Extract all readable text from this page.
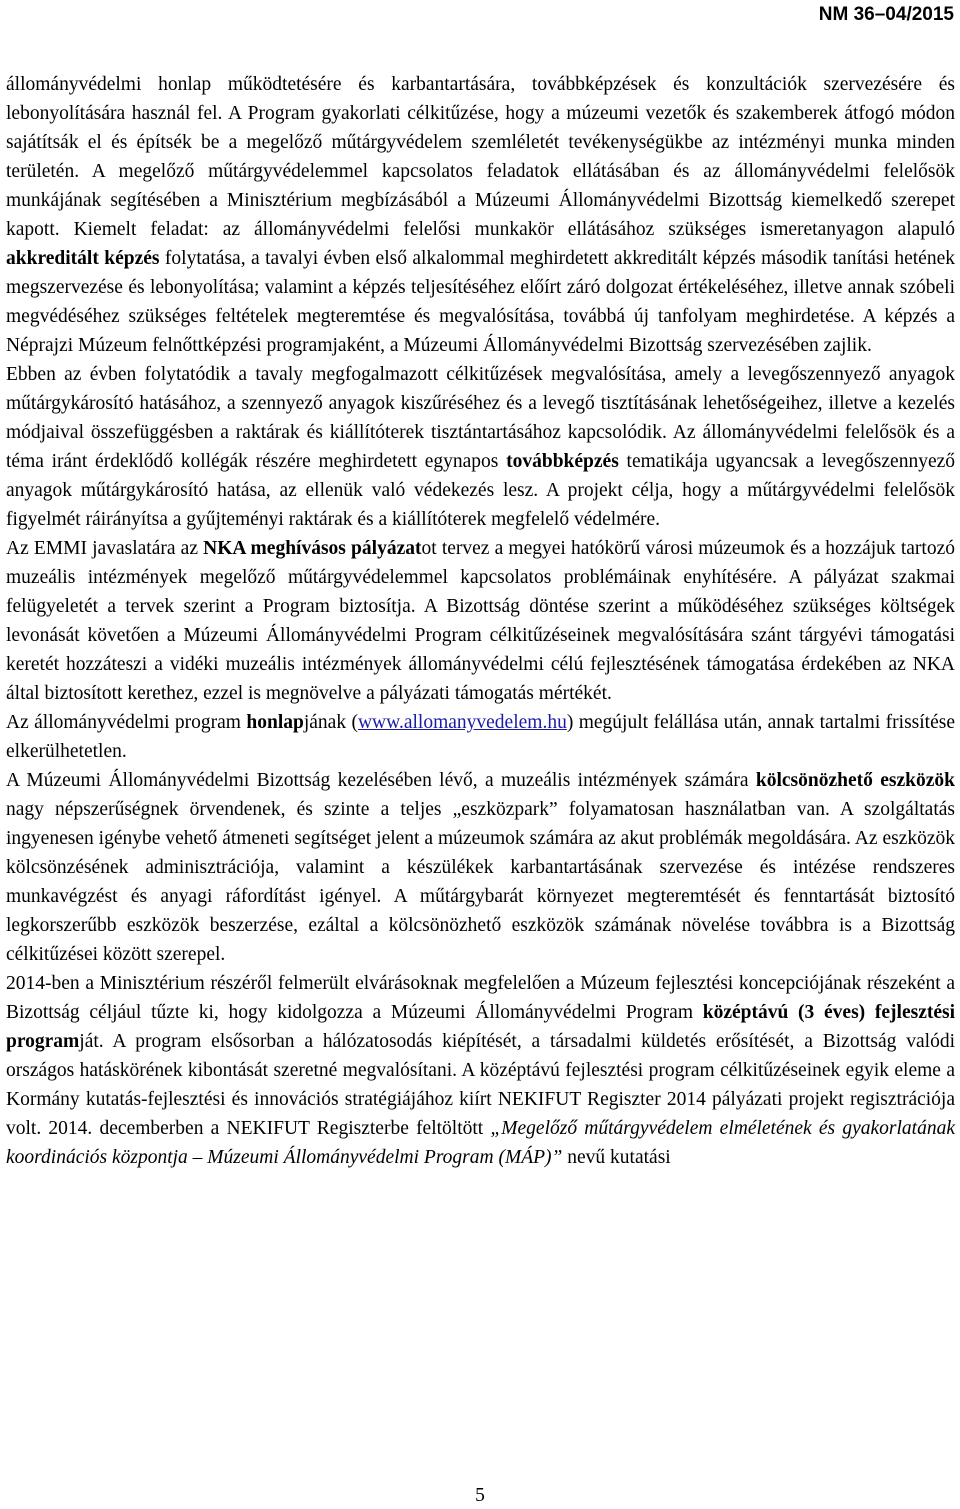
NM 36–04/2015

állományvédelmi honlap működtetésére és karbantartására, továbbképzések és konzultációk szervezésére és lebonyolítására használ fel. A Program gyakorlati célkitűzése, hogy a múzeumi vezetők és szakemberek átfogó módon sajátítsák el és építsék be a megelőző műtárgyvédelem szemléletét tevékenységükbe az intézményi munka minden területén. A megelőző műtárgyvédelemmel kapcsolatos feladatok ellátásában és az állományvédelmi felelősök munkájának segítésében a Minisztérium megbízásából a Múzeumi Állományvédelmi Bizottság kiemelkedő szerepet kapott. Kiemelt feladat: az állományvédelmi felelősi munkakör ellátásához szükséges ismeretanyagon alapuló akkreditált képzés folytatása, a tavalyi évben első alkalommal meghirdetett akkreditált képzés második tanítási hetének megszervezése és lebonyolítása; valamint a képzés teljesítéséhez előírt záró dolgozat értékeléséhez, illetve annak szóbeli megvédéséhez szükséges feltételek megteremtése és megvalósítása, továbbá új tanfolyam meghirdetése. A képzés a Néprajzi Múzeum felnőttképzési programjaként, a Múzeumi Állományvédelmi Bizottság szervezésében zajlik.

Ebben az évben folytatódik a tavaly megfogalmazott célkitűzések megvalósítása, amely a levegőszennyező anyagok műtárgykárosító hatásához, a szennyező anyagok kiszűréséhez és a levegő tisztításának lehetőségeihez, illetve a kezelés módjaival összefüggésben a raktárak és kiállítóterek tisztántartásához kapcsolódik. Az állományvédelmi felelősök és a téma iránt érdeklődő kollégák részére meghirdetett egynapos továbbképzés tematikája ugyancsak a levegőszennyező anyagok műtárgykárosító hatása, az ellenük való védekezés lesz. A projekt célja, hogy a műtárgyvédelmi felelősök figyelmét ráirányítsa a gyűjteményi raktárak és a kiállítóterek megfelelő védelmére.

Az EMMI javaslatára az NKA meghívásos pályázatot tervez a megyei hatókörű városi múzeumok és a hozzájuk tartozó muzeális intézmények megelőző műtárgyvédelemmel kapcsolatos problémáinak enyhítésére. A pályázat szakmai felügyeletét a tervek szerint a Program biztosítja. A Bizottság döntése szerint a működéséhez szükséges költségek levonását követően a Múzeumi Állományvédelmi Program célkitűzéseinek megvalósítására szánt tárgyévi támogatási keretét hozzáteszi a vidéki muzeális intézmények állományvédelmi célú fejlesztésének támogatása érdekében az NKA által biztosított kerethez, ezzel is megnövelve a pályázati támogatás mértékét.

Az állományvédelmi program honlapjának (www.allomanyvedelem.hu) megújult felállása után, annak tartalmi frissítése elkerülhetetlen.

A Múzeumi Állományvédelmi Bizottság kezelésében lévő, a muzeális intézmények számára kölcsönözhető eszközök nagy népszerűségnek örvendenek, és szinte a teljes „eszközpark” folyamatosan használatban van. A szolgáltatás ingyenesen igénybe vehető átmeneti segítséget jelent a múzeumok számára az akut problémák megoldására. Az eszközök kölcsönzésének adminisztrációja, valamint a készülékek karbantartásának szervezése és intézése rendszeres munkavégzést és anyagi ráfordítást igényel. A műtárgybarát környezet megteremtését és fenntartását biztosító legkorszerűbb eszközök beszerzése, ezáltal a kölcsönözhető eszközök számának növelése továbbra is a Bizottság célkitűzései között szerepel.

2014-ben a Minisztérium részéről felmerült elvárásoknak megfelelően a Múzeum fejlesztési koncepciójának részeként a Bizottság céljául tűzte ki, hogy kidolgozza a Múzeumi Állományvédelmi Program középtávú (3 éves) fejlesztési programját. A program elsősorban a hálózatosodás kiépítését, a társadalmi küldetés erősítését, a Bizottság valódi országos hatáskörének kibontását szeretné megvalósítani. A középtávú fejlesztési program célkitűzéseinek egyik eleme a Kormány kutatás-fejlesztési és innovációs stratégiájához kiírt NEKIFUT Regiszter 2014 pályázati projekt regisztrációja volt. 2014. decemberben a NEKIFUT Regiszterbe feltöltött „Megelőző műtárgyvédelem elméletének és gyakorlatának koordinációs központja – Múzeumi Állományvédelmi Program (MÁP)” nevű kutatási

5
